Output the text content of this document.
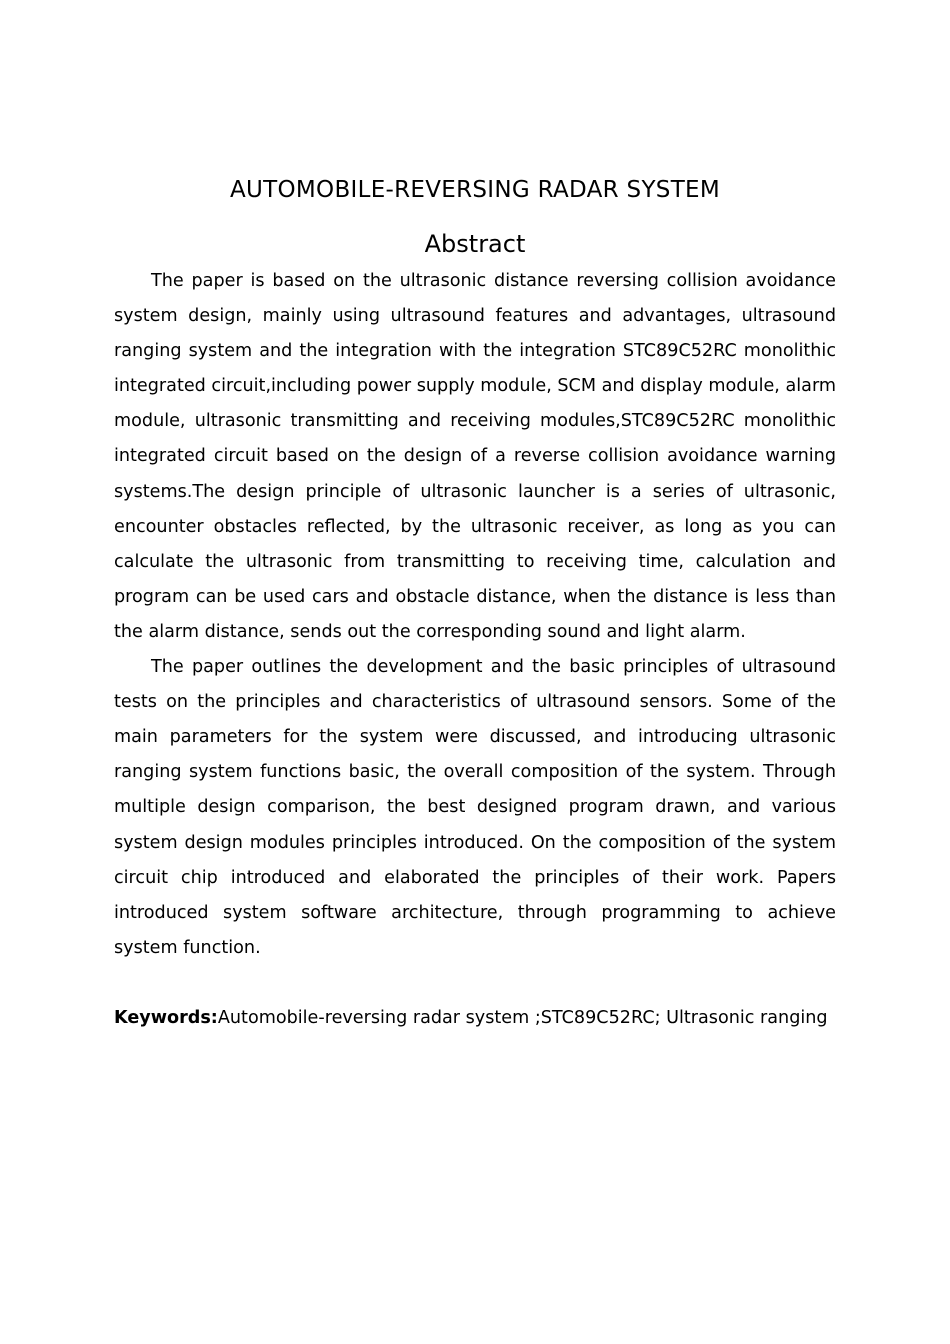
AUTOMOBILE-REVERSING RADAR SYSTEM
Abstract

The paper is based on the ultrasonic distance reversing collision avoidance system design, mainly using ultrasound features and advantages, ultrasound ranging system and the integration with the integration STC89C52RC monolithic integrated circuit,including power supply module, SCM and display module, alarm module, ultrasonic transmitting and receiving modules,STC89C52RC monolithic integrated circuit based on the design of a reverse collision avoidance warning systems.The design principle of ultrasonic launcher is a series of ultrasonic, encounter obstacles reflected, by the ultrasonic receiver, as long as you can calculate the ultrasonic from transmitting to receiving time, calculation and program can be used cars and obstacle distance, when the distance is less than the alarm distance, sends out the corresponding sound and light alarm.

The paper outlines the development and the basic principles of ultrasound tests on the principles and characteristics of ultrasound sensors. Some of the main parameters for the system were discussed, and introducing ultrasonic ranging system functions basic, the overall composition of the system. Through multiple design comparison, the best designed program drawn, and various system design modules principles introduced. On the composition of the system circuit chip introduced and elaborated the principles of their work. Papers introduced system software architecture, through programming to achieve system function.

Keywords:Automobile-reversing radar system ;STC89C52RC; Ultrasonic ranging
